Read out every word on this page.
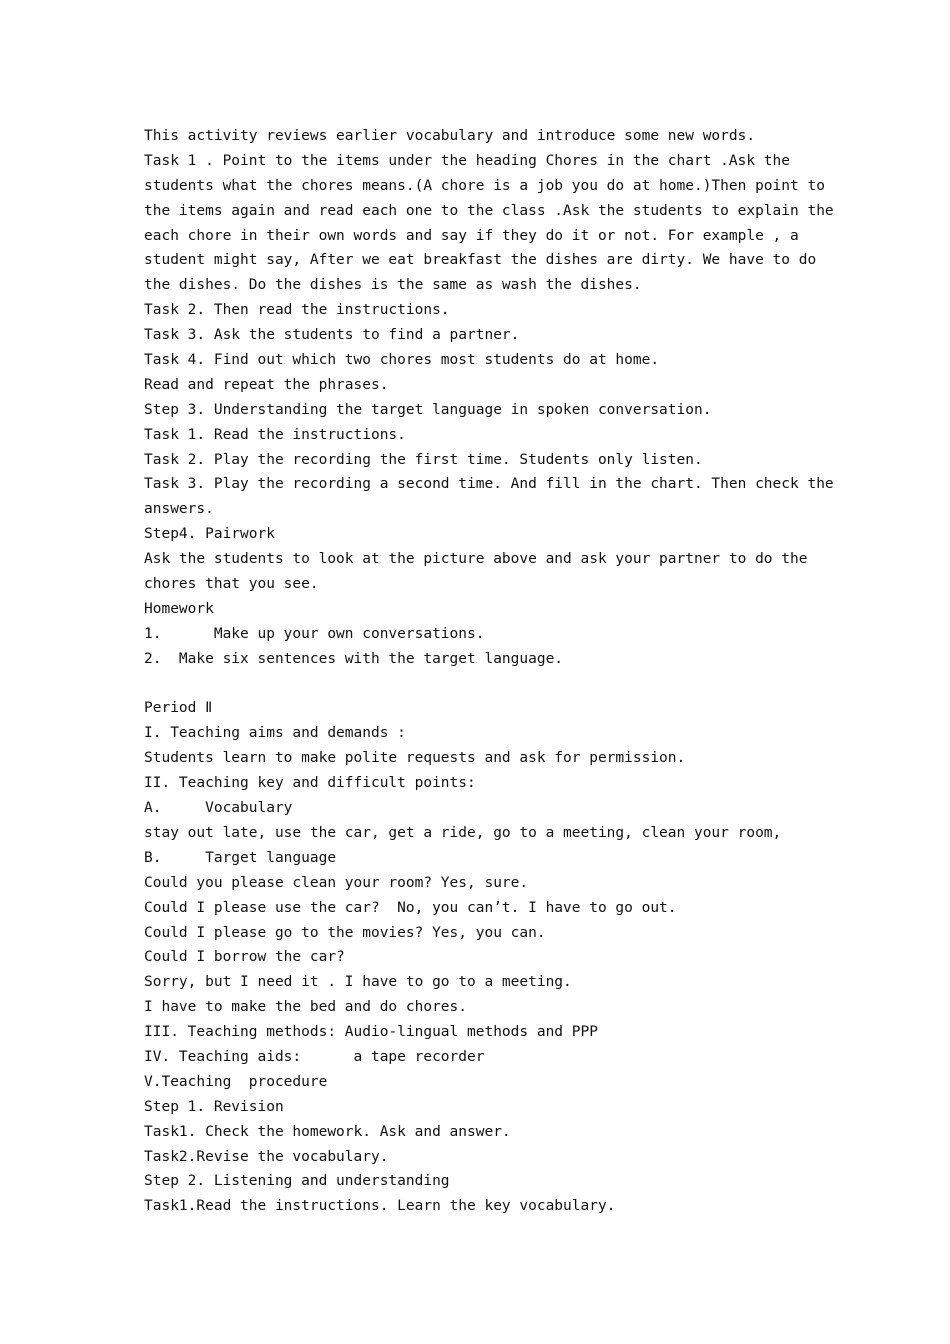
This activity reviews earlier vocabulary and introduce some new words.
Task 1 . Point to the items under the heading Chores in the chart .Ask the
students what the chores means.(A chore is a job you do at home.)Then point to
the items again and read each one to the class .Ask the students to explain the
each chore in their own words and say if they do it or not. For example , a
student might say, After we eat breakfast the dishes are dirty. We have to do
the dishes. Do the dishes is the same as wash the dishes.
Task 2. Then read the instructions.
Task 3. Ask the students to find a partner.
Task 4. Find out which two chores most students do at home.
Read and repeat the phrases.
Step 3. Understanding the target language in spoken conversation.
Task 1. Read the instructions.
Task 2. Play the recording the first time. Students only listen.
Task 3. Play the recording a second time. And fill in the chart. Then check the
answers.
Step4. Pairwork
Ask the students to look at the picture above and ask your partner to do the
chores that you see.
Homework
1.      Make up your own conversations.
2.  Make six sentences with the target language.
Period Ⅱ
I. Teaching aims and demands :
Students learn to make polite requests and ask for permission.
II. Teaching key and difficult points:
A.     Vocabulary
stay out late, use the car, get a ride, go to a meeting, clean your room,
B.     Target language
Could you please clean your room? Yes, sure.
Could I please use the car?  No, you can’t. I have to go out.
Could I please go to the movies? Yes, you can.
Could I borrow the car?
Sorry, but I need it . I have to go to a meeting.
I have to make the bed and do chores.
III. Teaching methods: Audio-lingual methods and PPP
IV. Teaching aids:      a tape recorder
V.Teaching  procedure
Step 1. Revision
Task1. Check the homework. Ask and answer.
Task2.Revise the vocabulary.
Step 2. Listening and understanding
Task1.Read the instructions. Learn the key vocabulary.
